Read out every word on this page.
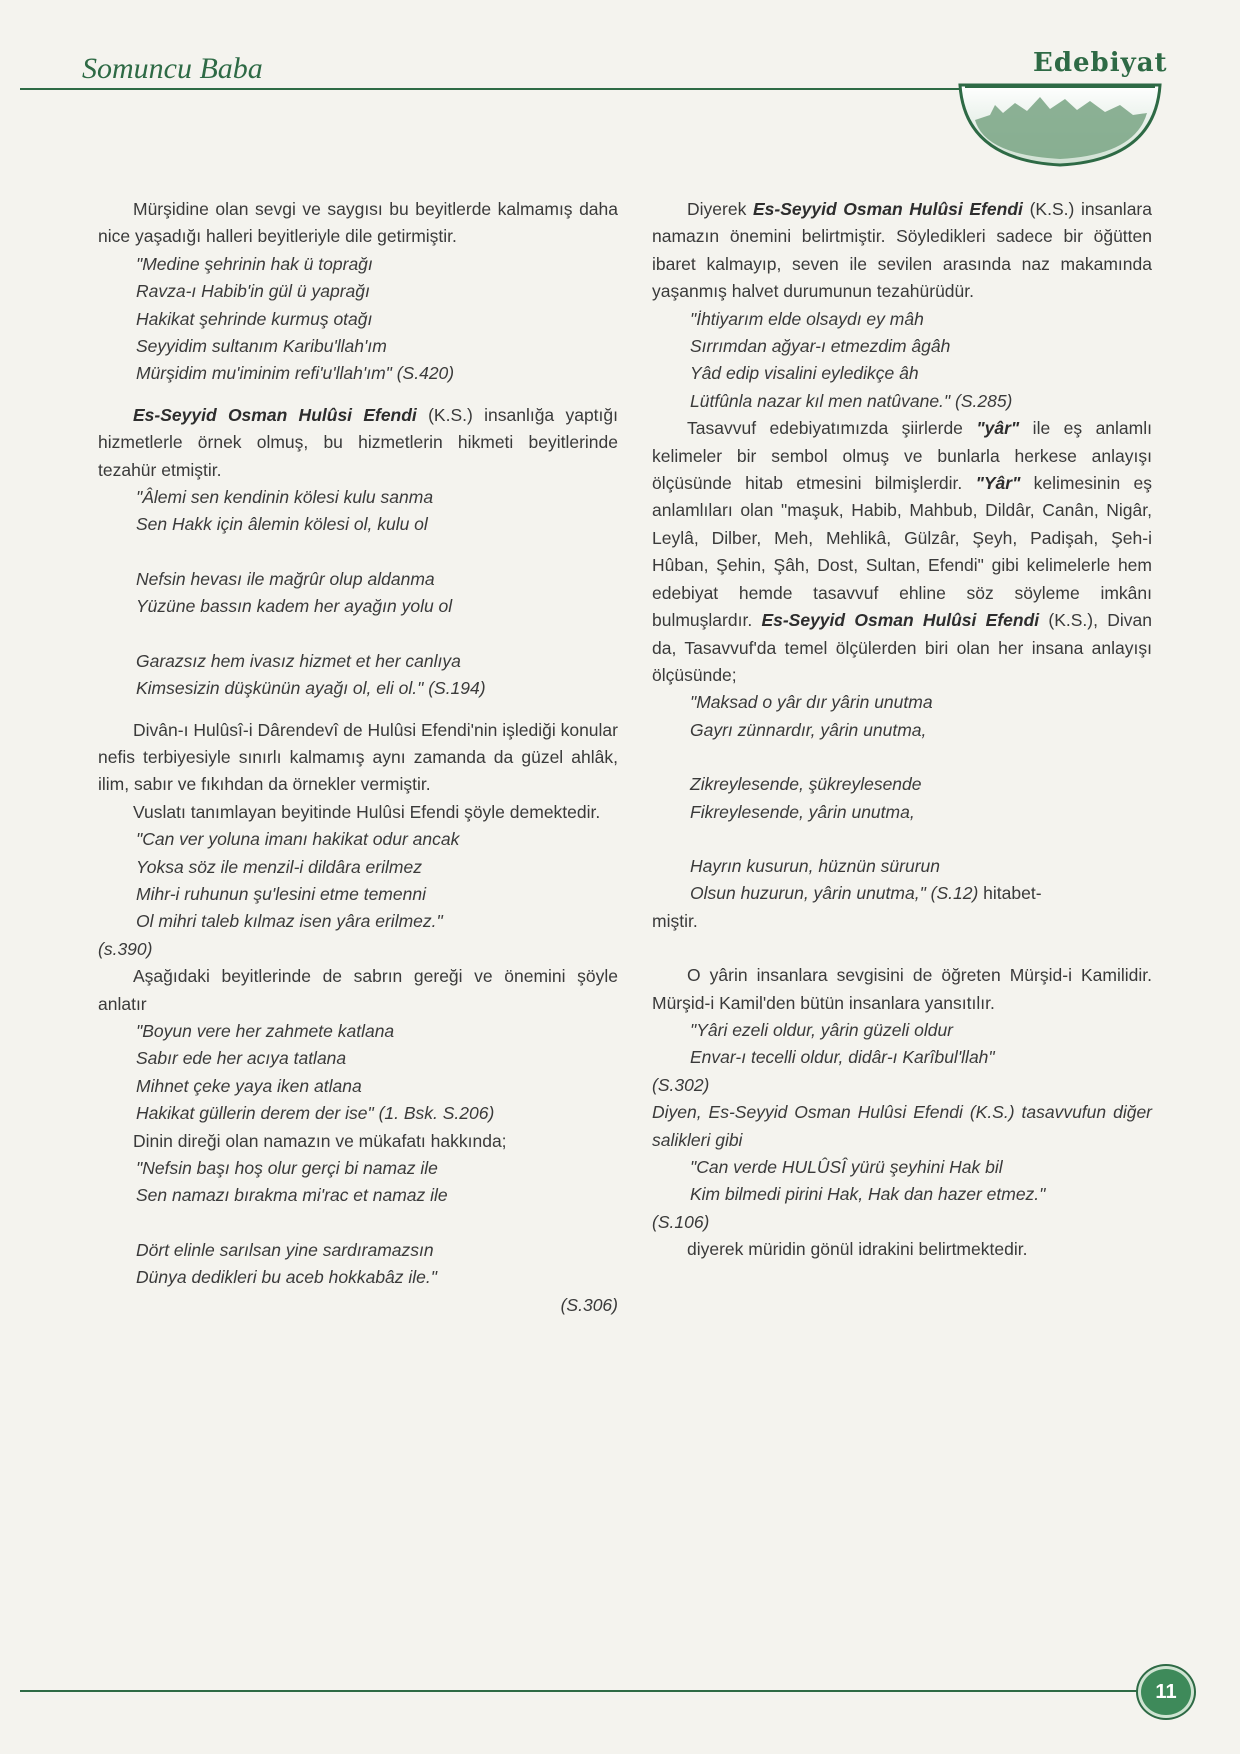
Somuncu Baba	Edebiyat

Mürşidine olan sevgi ve saygısı bu beyitlerde kalmamış daha nice yaşadığı halleri beyitleriyle dile getirmiştir.

"Medine şehrinin hak ü toprağı
Ravza-ı Habib'in gül ü yaprağı
Hakikat şehrinde kurmuş otağı
Seyyidim sultanım Karibu'llah'ım
Mürşidim mu'iminim refi'u'llah'ım" (S.420)

Es-Seyyid Osman Hulûsi Efendi (K.S.) insanlığa yaptığı hizmetlerle örnek olmuş, bu hizmetlerin hikmeti beyitlerinde tezahür etmiştir.

"Âlemi sen kendinin kölesi kulu sanma
Sen Hakk için âlemin kölesi ol, kulu ol
Nefsin hevası ile mağrûr olup aldanma
Yüzüne bassın kadem her ayağın yolu ol
Garazsız hem ivasız hizmet et her canlıya
Kimsesizin düşkünün ayağı ol, eli ol." (S.194)

Divân-ı Hulûsî-i Dârendevî de Hulûsi Efendi'nin işlediği konular nefis terbiyesiyle sınırlı kalmamış aynı zamanda da güzel ahlâk, ilim, sabır ve fıkıhdan da örnekler vermiştir.

Vuslatı tanımlayan beyitinde Hulûsi Efendi şöyle demektedir.

"Can ver yoluna imanı hakikat odur ancak
Yoksa söz ile menzil-i dildâra erilmez
Mihr-i ruhunun şu'lesini etme temenni
Ol mihri taleb kılmaz isen yâra erilmez."
(s.390)

Aşağıdaki beyitlerinde de sabrın gereği ve önemini şöyle anlatır

"Boyun vere her zahmete katlana
Sabır ede her acıya tatlana
Mihnet çeke yaya iken atlana
Hakikat güllerin derem der ise" (1. Bsk. S.206)

Dinin direği olan namazın ve mükafatı hakkında;

"Nefsin başı hoş olur gerçi bi namaz ile
Sen namazı bırakma mi'rac et namaz ile
Dört elinle sarılsan yine sardıramazsın
Dünya dedikleri bu aceb hokkabâz ile."
(S.306)

Diyerek Es-Seyyid Osman Hulûsi Efendi (K.S.) insanlara namazın önemini belirtmiştir. Söyledikleri sadece bir öğütten ibaret kalmayıp, seven ile sevilen arasında naz makamında yaşanmış halvet durumunun tezahürüdür.

"İhtiyarım elde olsaydı ey mâh
Sırrımdan ağyar-ı etmezdim âgâh
Yâd edip visalini eyledikçe âh
Lütfûnla nazar kıl men natûvane." (S.285)

Tasavvuf edebiyatımızda şiirlerde "yâr" ile eş anlamlı kelimeler bir sembol olmuş ve bunlarla herkese anlayışı ölçüsünde hitab etmesini bilmişlerdir. "Yâr" kelimesinin eş anlamlıları olan "maşuk, Habib, Mahbub, Dildâr, Canân, Nigâr, Leylâ, Dilber, Meh, Mehlikâ, Gülzâr, Şeyh, Padişah, Şeh-i Hûban, Şehin, Şâh, Dost, Sultan, Efendi" gibi kelimelerle hem edebiyat hemde tasavvuf ehline söz söyleme imkânı bulmuşlardır. Es-Seyyid Osman Hulûsi Efendi (K.S.), Divan da, Tasavvuf'da temel ölçülerden biri olan her insana anlayışı ölçüsünde;

"Maksad o yâr dır yârin unutma
Gayrı zünnardır, yârin unutma,
Zikreylesende, şükreylesende
Fikreylesende, yârin unutma,
Hayrın kusurun, hüznün sürurun
Olsun huzurun, yârin unutma," (S.12) hitabet-

miştir.

O yârin insanlara sevgisini de öğreten Mürşid-i Kamilidir. Mürşid-i Kamil'den bütün insanlara yansıtılır.

"Yâri ezeli oldur, yârin güzeli oldur
Envar-ı tecelli oldur, didâr-ı Karîbul'llah"
(S.302)

Diyen, Es-Seyyid Osman Hulûsi Efendi (K.S.) tasavvufun diğer salikleri gibi

"Can verde HULÛSÎ yürü şeyhini Hak bil
Kim bilmedi pirini Hak, Hak dan hazer etmez."
(S.106)

diyerek müridin gönül idrakini belirtmektedir.

11
